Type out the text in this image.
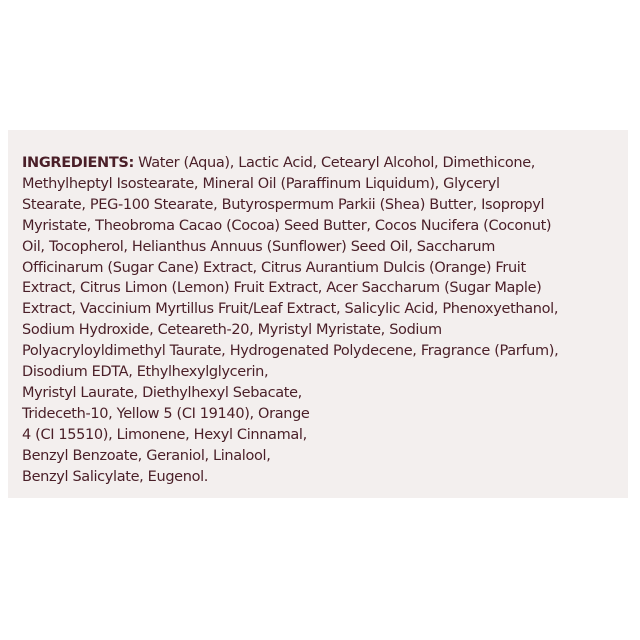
INGREDIENTS: Water (Aqua), Lactic Acid, Cetearyl Alcohol, Dimethicone,
Methylheptyl Isostearate, Mineral Oil (Paraffinum Liquidum), Glyceryl
Stearate, PEG-100 Stearate, Butyrospermum Parkii (Shea) Butter, Isopropyl
Myristate, Theobroma Cacao (Cocoa) Seed Butter, Cocos Nucifera (Coconut)
Oil, Tocopherol, Helianthus Annuus (Sunflower) Seed Oil, Saccharum
Officinarum (Sugar Cane) Extract, Citrus Aurantium Dulcis (Orange) Fruit
Extract, Citrus Limon (Lemon) Fruit Extract, Acer Saccharum (Sugar Maple)
Extract, Vaccinium Myrtillus Fruit/Leaf Extract, Salicylic Acid, Phenoxyethanol,
Sodium Hydroxide, Ceteareth-20, Myristyl Myristate, Sodium
Polyacryloyldimethyl Taurate, Hydrogenated Polydecene, Fragrance (Parfum),
Disodium EDTA, Ethylhexylglycerin,
Myristyl Laurate, Diethylhexyl Sebacate,
Trideceth-10, Yellow 5 (CI 19140), Orange
4 (CI 15510), Limonene, Hexyl Cinnamal,
Benzyl Benzoate, Geraniol, Linalool,
Benzyl Salicylate, Eugenol.
